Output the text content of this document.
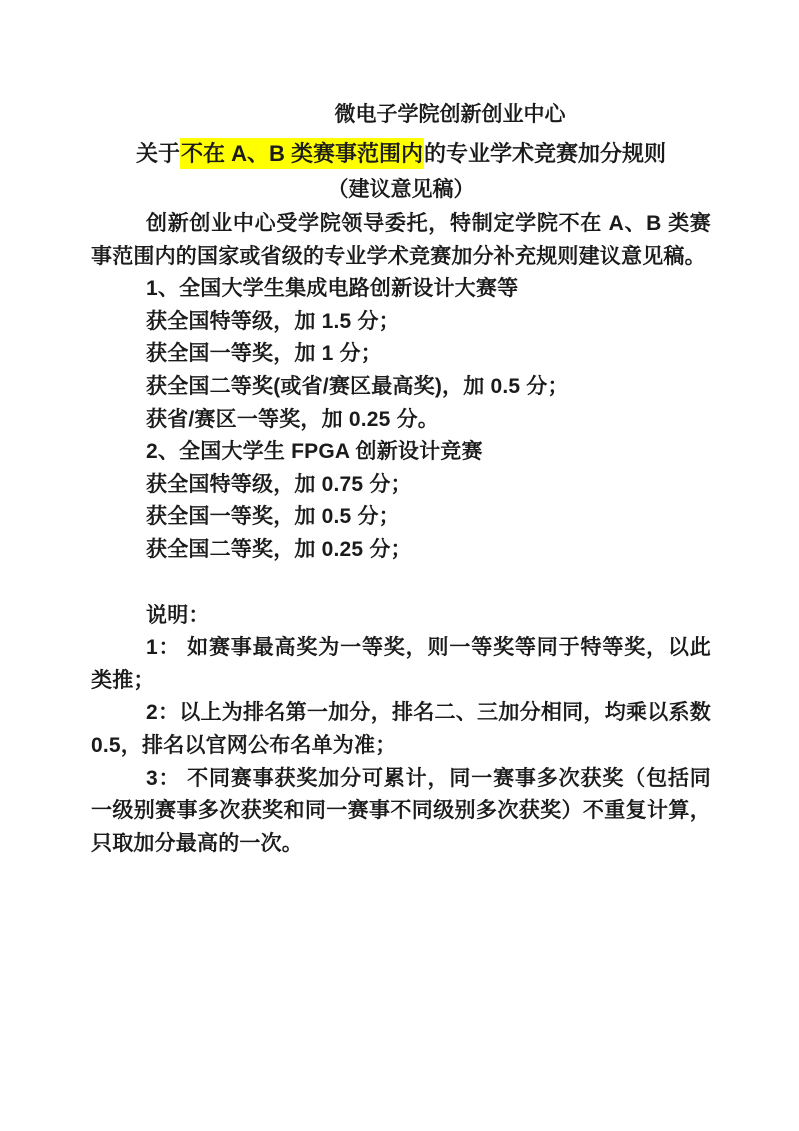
微电子学院创新创业中心
关于不在 A、B 类赛事范围内的专业学术竞赛加分规则
（建议意见稿）

创新创业中心受学院领导委托，特制定学院不在 A、B 类赛事范围内的国家或省级的专业学术竞赛加分补充规则建议意见稿。

1、全国大学生集成电路创新设计大赛等

获全国特等级，加 1.5 分；

获全国一等奖，加 1 分；

获全国二等奖(或省/赛区最高奖)，加 0.5 分；

获省/赛区一等奖，加 0.25 分。

2、全国大学生 FPGA 创新设计竞赛

获全国特等级，加 0.75 分；

获全国一等奖，加 0.5 分；

获全国二等奖，加 0.25 分；

说明：

1： 如赛事最高奖为一等奖，则一等奖等同于特等奖，以此类推；

2：以上为排名第一加分，排名二、三加分相同，均乘以系数 0.5，排名以官网公布名单为准；

3： 不同赛事获奖加分可累计，同一赛事多次获奖（包括同一级别赛事多次获奖和同一赛事不同级别多次获奖）不重复计算，只取加分最高的一次。
